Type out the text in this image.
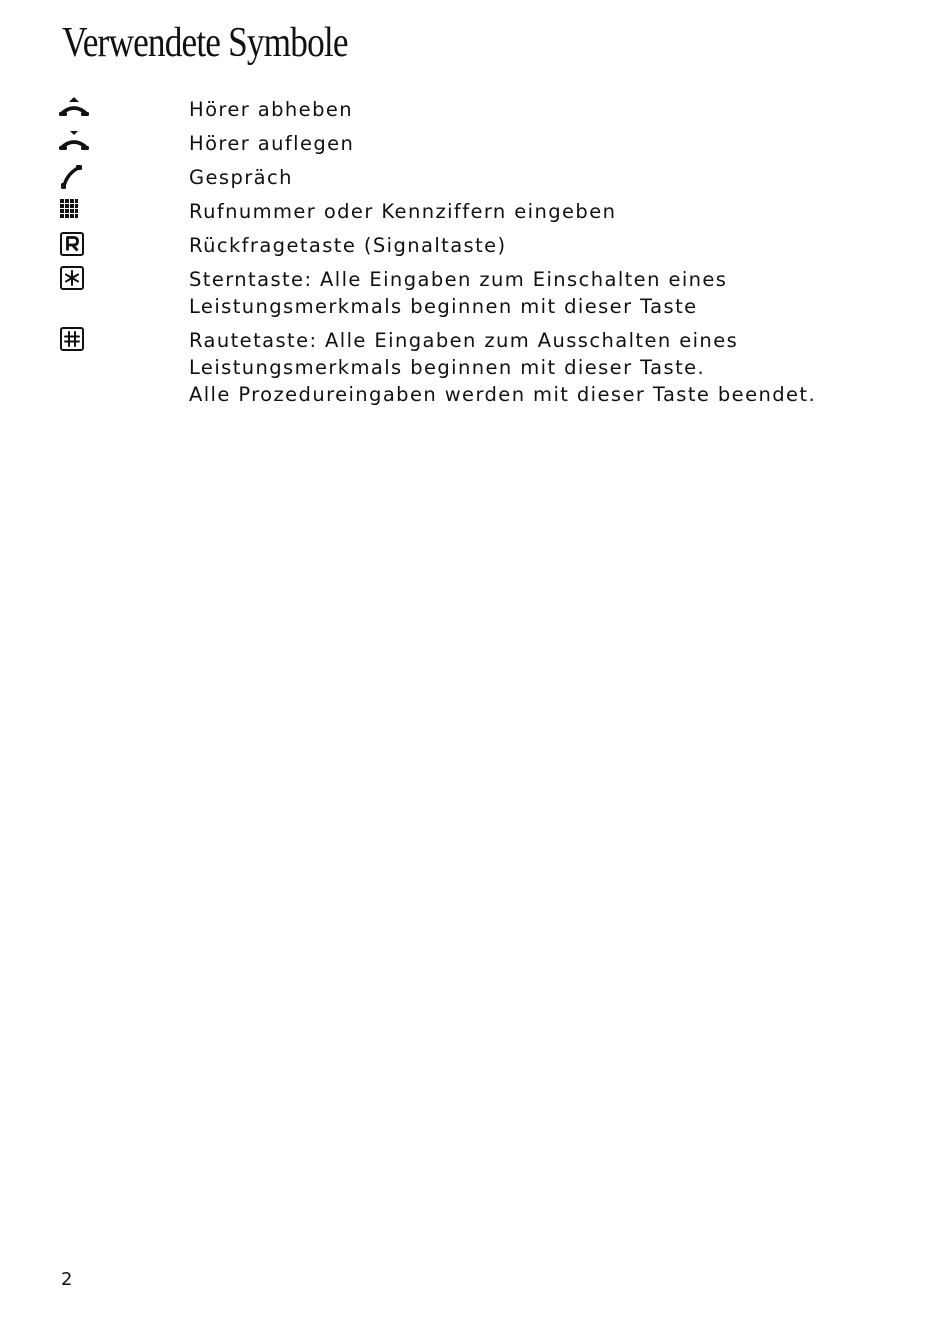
Verwendete Symbole
Hörer abheben
Hörer auflegen
Gespräch
Rufnummer oder Kennziffern eingeben
Rückfragetaste (Signaltaste)
Sterntaste: Alle Eingaben zum Einschalten eines
Leistungsmerkmals beginnen mit dieser Taste
Rautetaste: Alle Eingaben zum Ausschalten eines
Leistungsmerkmals beginnen mit dieser Taste.
Alle Prozedureingaben werden mit dieser Taste beendet.
2
